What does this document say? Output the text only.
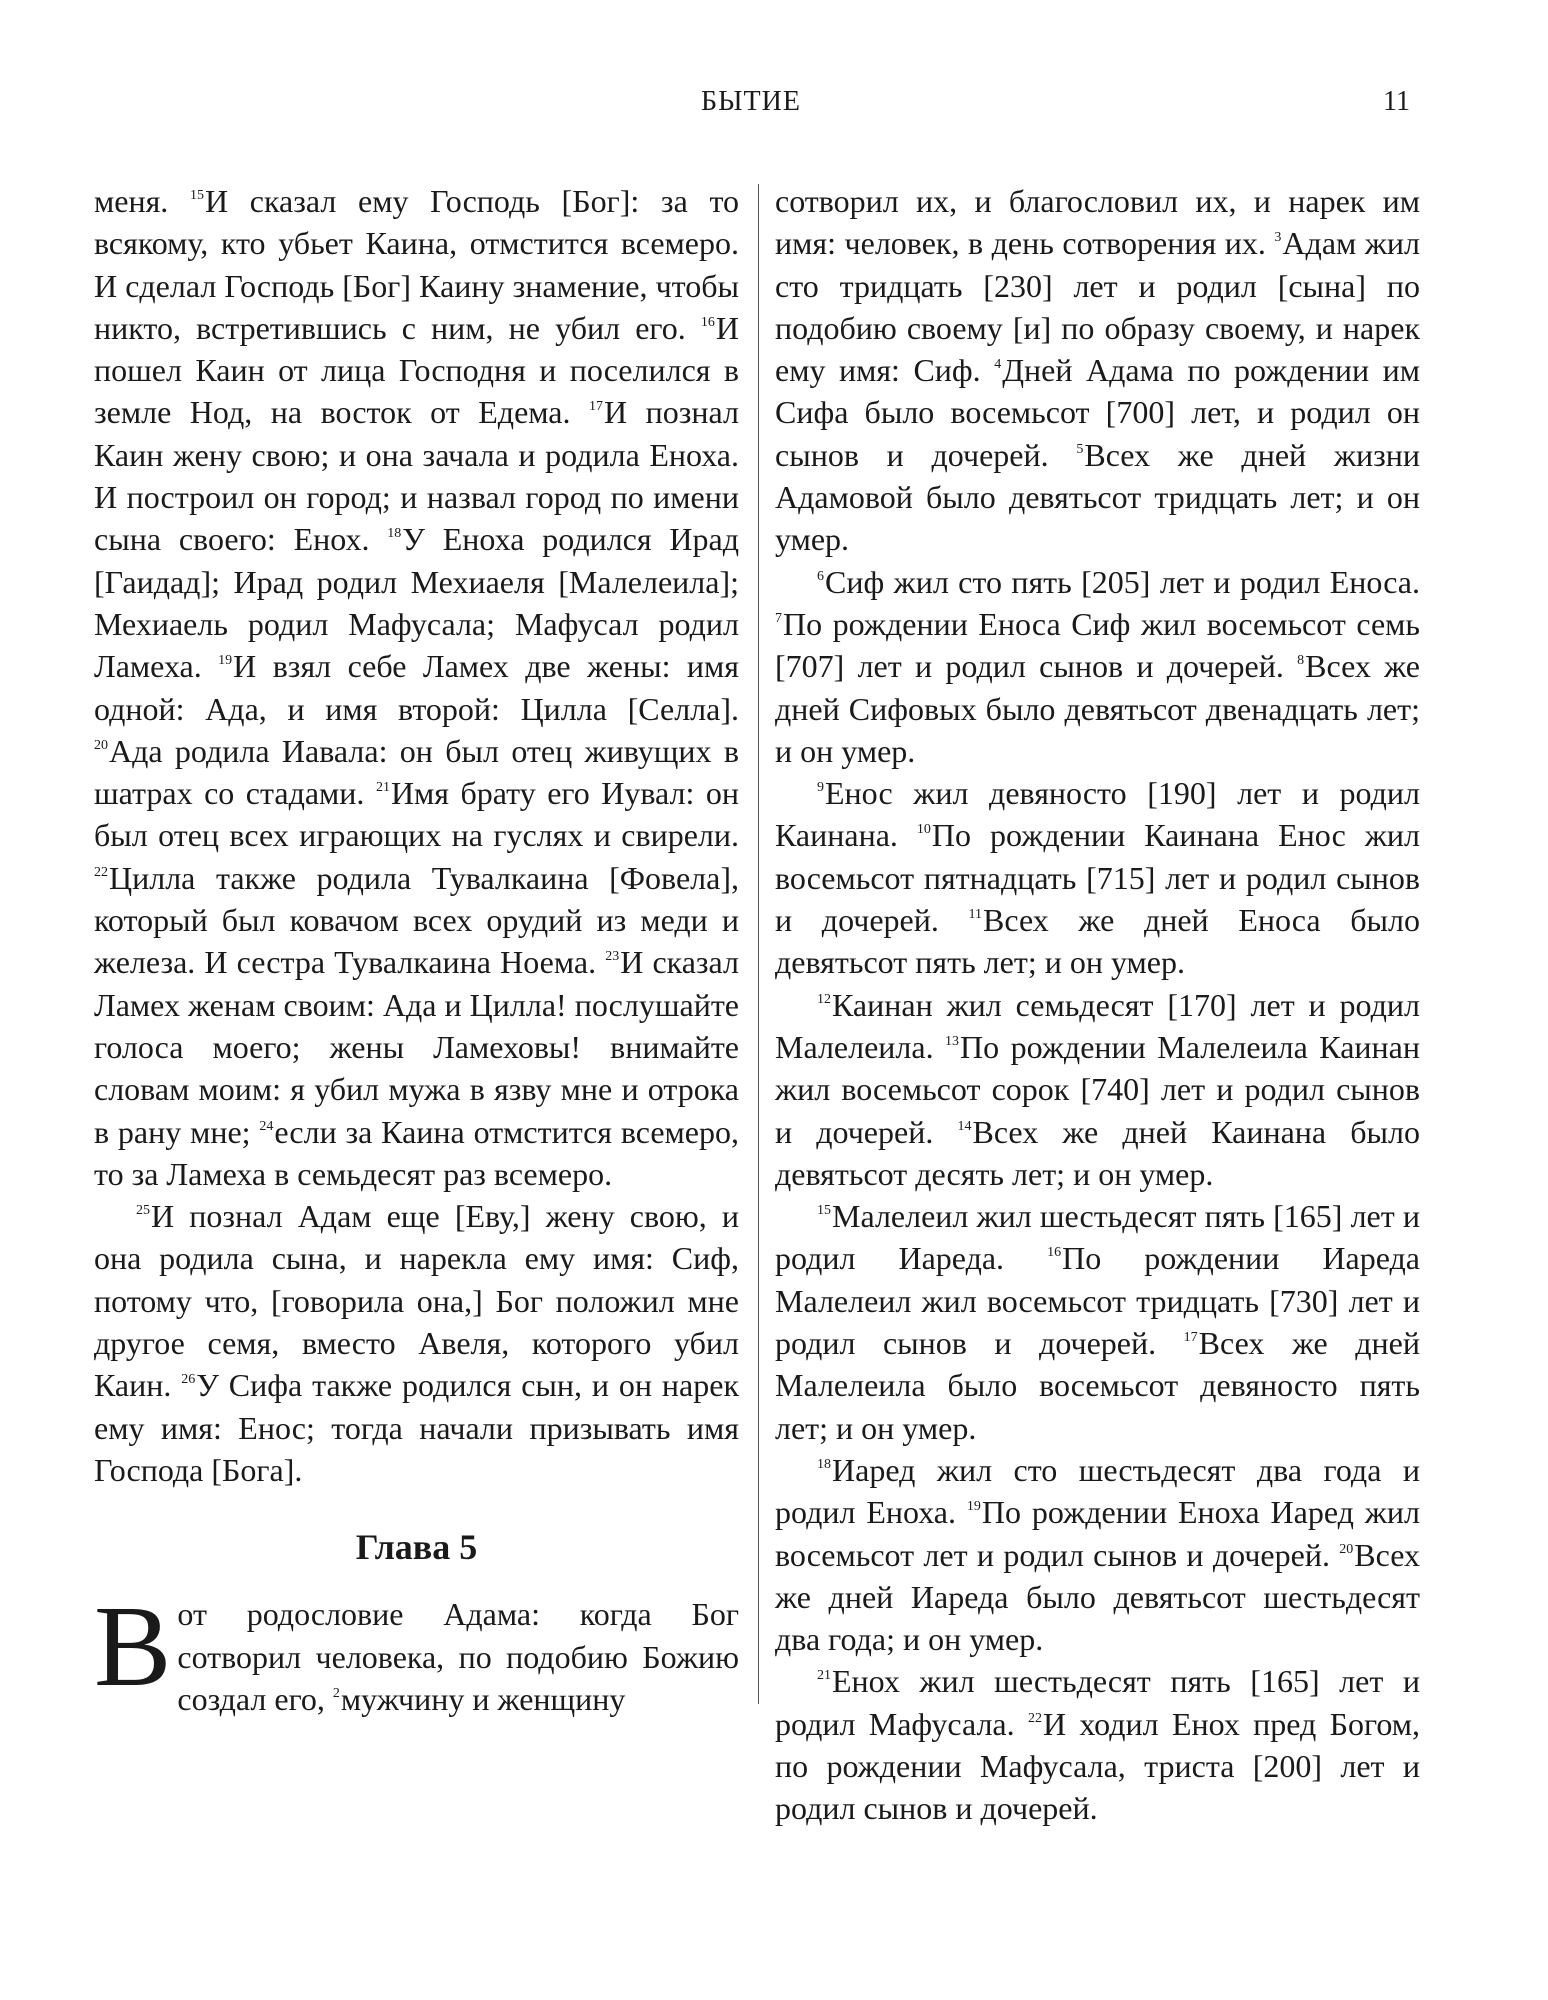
БЫТИЕ	11

меня. $^{15}$И сказал ему Господь [Бог]: за то всякому, кто убьет Каина, отмстится всемеро. И сделал Господь [Бог] Каину знамение, чтобы никто, встретившись с ним, не убил его. $^{16}$И пошел Каин от лица Господня и поселился в земле Нод, на восток от Едема. $^{17}$И познал Каин жену свою; и она зачала и родила Еноха. И построил он город; и назвал город по имени сына своего: Енох. $^{18}$У Еноха родился Ирад [Гаидад]; Ирад родил Мехиаеля [Малелеила]; Мехиаель родил Мафусала; Мафусал родил Ламеха. $^{19}$И взял себе Ламех две жены: имя одной: Ада, и имя второй: Цилла [Селла]. $^{20}$Ада родила Иавала: он был отец живущих в шатрах со стадами. $^{21}$Имя брату его Иувал: он был отец всех играющих на гуслях и свирели. $^{22}$Цилла также родила Тувалкаина [Фовела], который был ковачом всех орудий из меди и железа. И сестра Тувалкаина Ноема. $^{23}$И сказал Ламех женам своим: Ада и Цилла! послушайте голоса моего; жены Ламеховы! внимайте словам моим: я убил мужа в язву мне и отрока в рану мне; $^{24}$если за Каина отмстится всемеро, то за Ламеха в семьдесят раз всемеро.

$^{25}$И познал Адам еще [Еву,] жену свою, и она родила сына, и нарекла ему имя: Сиф, потому что, [говорила она,] Бог положил мне другое семя, вместо Авеля, которого убил Каин. $^{26}$У Сифа также родился сын, и он нарек ему имя: Енос; тогда начали призывать имя Господа [Бога].

Глава 5

В от родословие Адама: когда Бог сотворил человека, по подобию Божию создал его, $^2$мужчину и женщину

сотворил их, и благословил их, и нарек им имя: человек, в день сотворения их. $^3$Адам жил сто тридцать [230] лет и родил [сына] по подобию своему [и] по образу своему, и нарек ему имя: Сиф. $^4$Дней Адама по рождении им Сифа было восемьсот [700] лет, и родил он сынов и дочерей. $^5$Всех же дней жизни Адамовой было девятьсот тридцать лет; и он умер.

$^6$Сиф жил сто пять [205] лет и родил Еноса. $^7$По рождении Еноса Сиф жил восемьсот семь [707] лет и родил сынов и дочерей. $^8$Всех же дней Сифовых было девятьсот двенадцать лет; и он умер.

$^9$Енос жил девяносто [190] лет и родил Каинана. $^{10}$По рождении Каинана Енос жил восемьсот пятнадцать [715] лет и родил сынов и дочерей. $^{11}$Всех же дней Еноса было девятьсот пять лет; и он умер.

$^{12}$Каинан жил семьдесят [170] лет и родил Малелеила. $^{13}$По рождении Малелеила Каинан жил восемьсот сорок [740] лет и родил сынов и дочерей. $^{14}$Всех же дней Каинана было девятьсот десять лет; и он умер.

$^{15}$Малелеил жил шестьдесят пять [165] лет и родил Иареда. $^{16}$По рождении Иареда Малелеил жил восемьсот тридцать [730] лет и родил сынов и дочерей. $^{17}$Всех же дней Малелеила было восемьсот девяносто пять лет; и он умер.

$^{18}$Иаред жил сто шестьдесят два года и родил Еноха. $^{19}$По рождении Еноха Иаред жил восемьсот лет и родил сынов и дочерей. $^{20}$Всех же дней Иареда было девятьсот шестьдесят два года; и он умер.

$^{21}$Енох жил шестьдесят пять [165] лет и родил Мафусала. $^{22}$И ходил Енох пред Богом, по рождении Мафусала, триста [200] лет и родил сынов и дочерей.
